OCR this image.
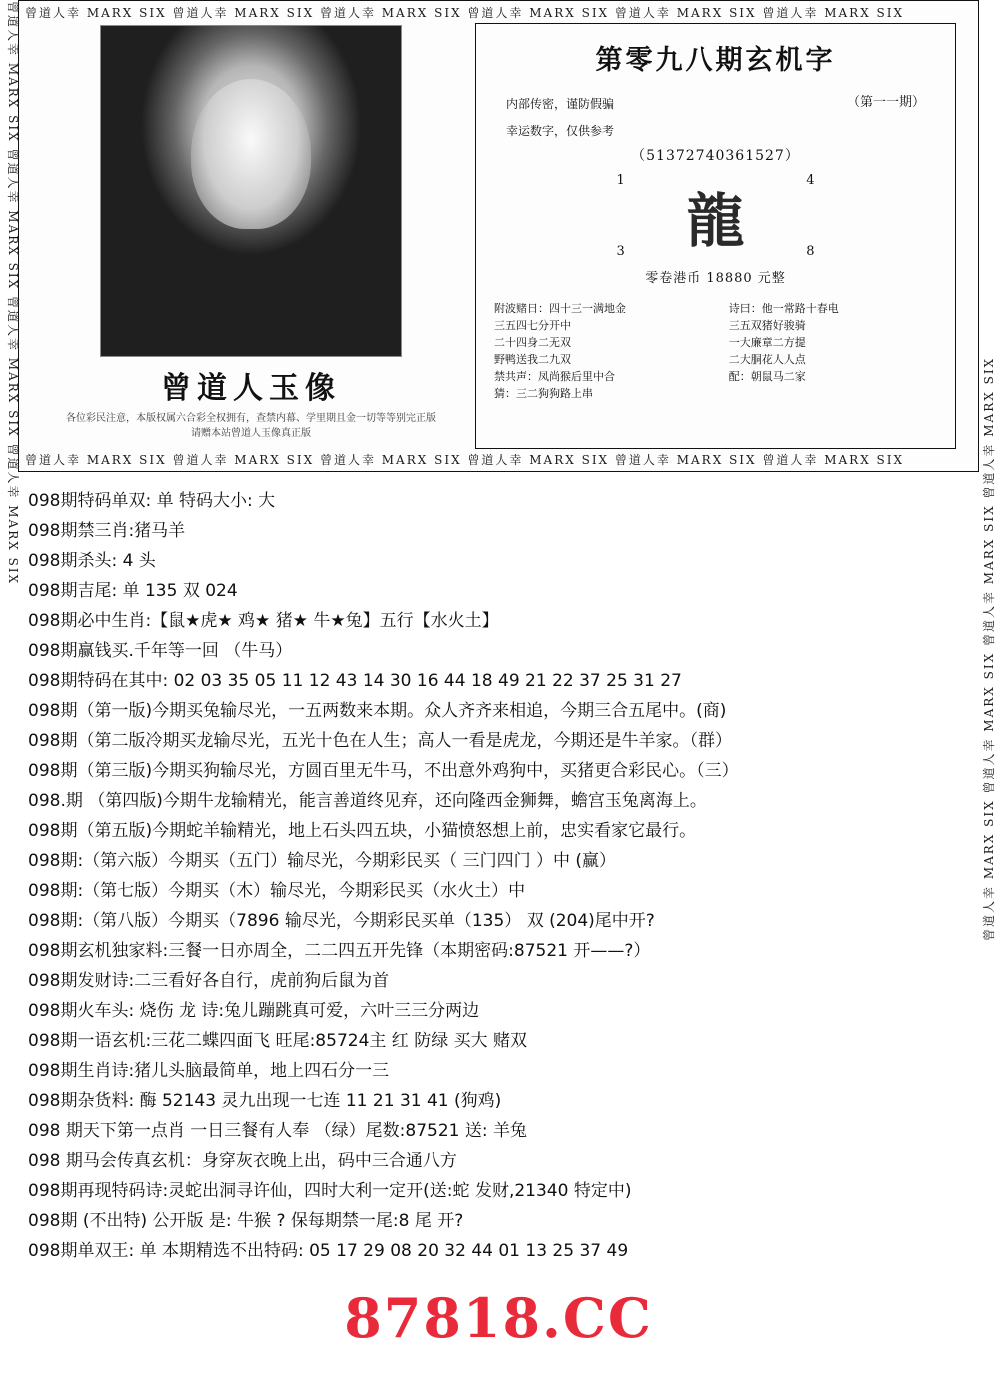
曾道人幸 MARX SIX 曾道人幸 MARX SIX 曾道人幸 MARX SIX 曾道人幸 MARX SIX 曾道人幸 MARX SIX 曾道人幸 MARX SIX
曾道人幸 MARX SIX 曾道人幸 MARX SIX 曾道人幸 MARX SIX 曾道人幸 MARX SIX 曾道人幸 MARX SIX 曾道人幸 MARX SIX
曾道人幸 MARX SIX 曾道人幸 MARX SIX 曾道人幸 MARX SIX 曾道人幸 MARX SIX
曾道人幸 MARX SIX 曾道人幸 MARX SIX 曾道人幸 MARX SIX 曾道人幸 MARX SIX
曾道人玉像
各位彩民注意，本版权属六合彩全权拥有，查禁内幕、学里期且金一切等等别完正版请赠本站曾道人玉像真正版
第零九八期玄机字
内部传密，谨防假骗
幸运数字，仅供参考
（第一一期）
（51372740361527）
1	4
3	8
龍
零卷港币 18880 元整
附波赌日：四十三一满地金
三五四七分开中
二十四身二无双
野鸭送我二九双
禁共声：凤尚猴后里中合
猜：三二狗狗路上串
诗曰：他一常路十春电
三五双猪好骏骑
一大廉章二方提
二大胴花人人点
配：朝鼠马二家
098期特码单双: 单 特码大小: 大
098期禁三肖:猪马羊
098期杀头: 4 头
098期吉尾: 单 135 双 024
098期必中生肖:【鼠★虎★ 鸡★ 猪★ 牛★兔】五行【水火土】
098期赢钱买.千年等一回 （牛马）
098期特码在其中: 02 03 35 05 11 12 43 14 30 16 44 18 49 21 22 37 25 31 27
098期（第一版)今期买兔输尽光，一五两数来本期。众人齐齐来相追，今期三合五尾中。(商)
098期（第二版冷期买龙输尽光，五光十色在人生；高人一看是虎龙，今期还是牛羊家。（群）
098期（第三版)今期买狗输尽光，方圆百里无牛马，不出意外鸡狗中，买猪更合彩民心。（三）
098.期 （第四版)今期牛龙输精光，能言善道终见弃，还向隆西金狮舞，蟾宫玉兔离海上。
098期（第五版)今期蛇羊输精光，地上石头四五块，小猫愤怒想上前，忠实看家它最行。
098期:（第六版）今期买（五门）输尽光，今期彩民买（ 三门四门 ）中 (赢）
098期:（第七版）今期买（木）输尽光，今期彩民买（水火土）中
098期:（第八版）今期买（7896 输尽光，今期彩民买单（135） 双 (204)尾中开?
098期玄机独家料:三餐一日亦周全，二二四五开先锋（本期密码:87521 开——?）
098期发财诗:二三看好各自行，虎前狗后鼠为首
098期火车头: 烧伤 龙 诗:兔儿蹦跳真可爱，六叶三三分两边
098期一语玄机:三花二蝶四面飞 旺尾:85724主 红 防绿 买大 赌双
098期生肖诗:猪儿头脑最简单，地上四石分一三
098期杂货料: 酶 52143 灵九出现一七连 11 21 31 41 (狗鸡)
098 期天下第一点肖 一日三餐有人奉 （绿）尾数:87521 送: 羊兔
098 期马会传真玄机：身穿灰衣晚上出，码中三合通八方
098期再现特码诗:灵蛇出洞寻许仙，四时大利一定开(送:蛇 发财,21340 特定中)
098期 (不出特) 公开版 是: 牛猴 ? 保每期禁一尾:8 尾 开?
098期单双王: 单 本期精选不出特码: 05 17 29 08 20 32 44 01 13 25 37 49
87818.CC
